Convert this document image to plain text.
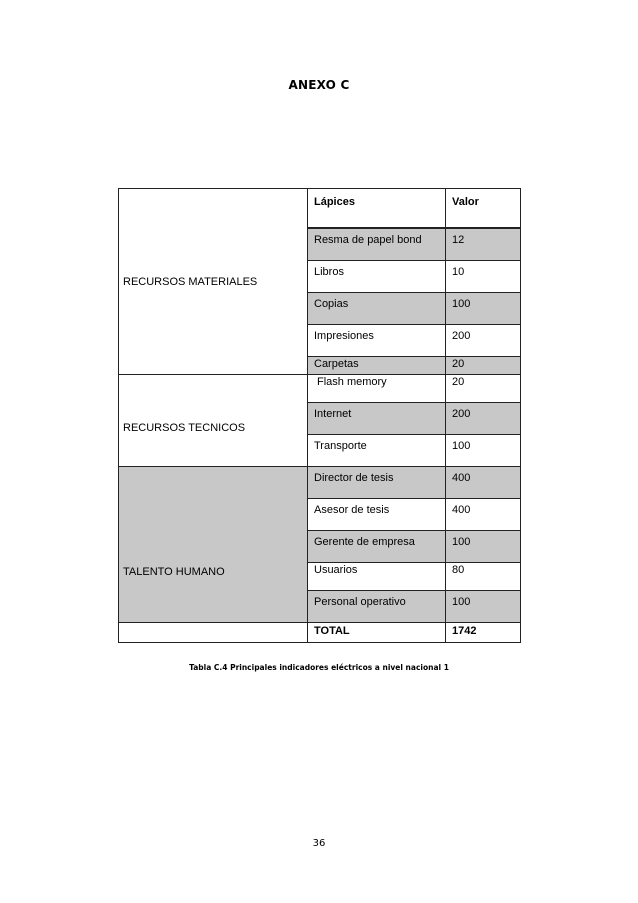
ANEXO C
RECURSOS MATERIALES	Lápices	Valor
	Resma de papel bond	12
	Libros	10
	Copias	100
	Impresiones	200
	Carpetas	20
RECURSOS TECNICOS	Flash memory	20
	Internet	200
	Transporte	100
TALENTO HUMANO	Director de tesis	400
	Asesor de tesis	400
	Gerente de empresa	100
	Usuarios	80
	Personal operativo	100
	TOTAL	1742
Tabla C.4 Principales indicadores eléctricos a nivel nacional 1
36
